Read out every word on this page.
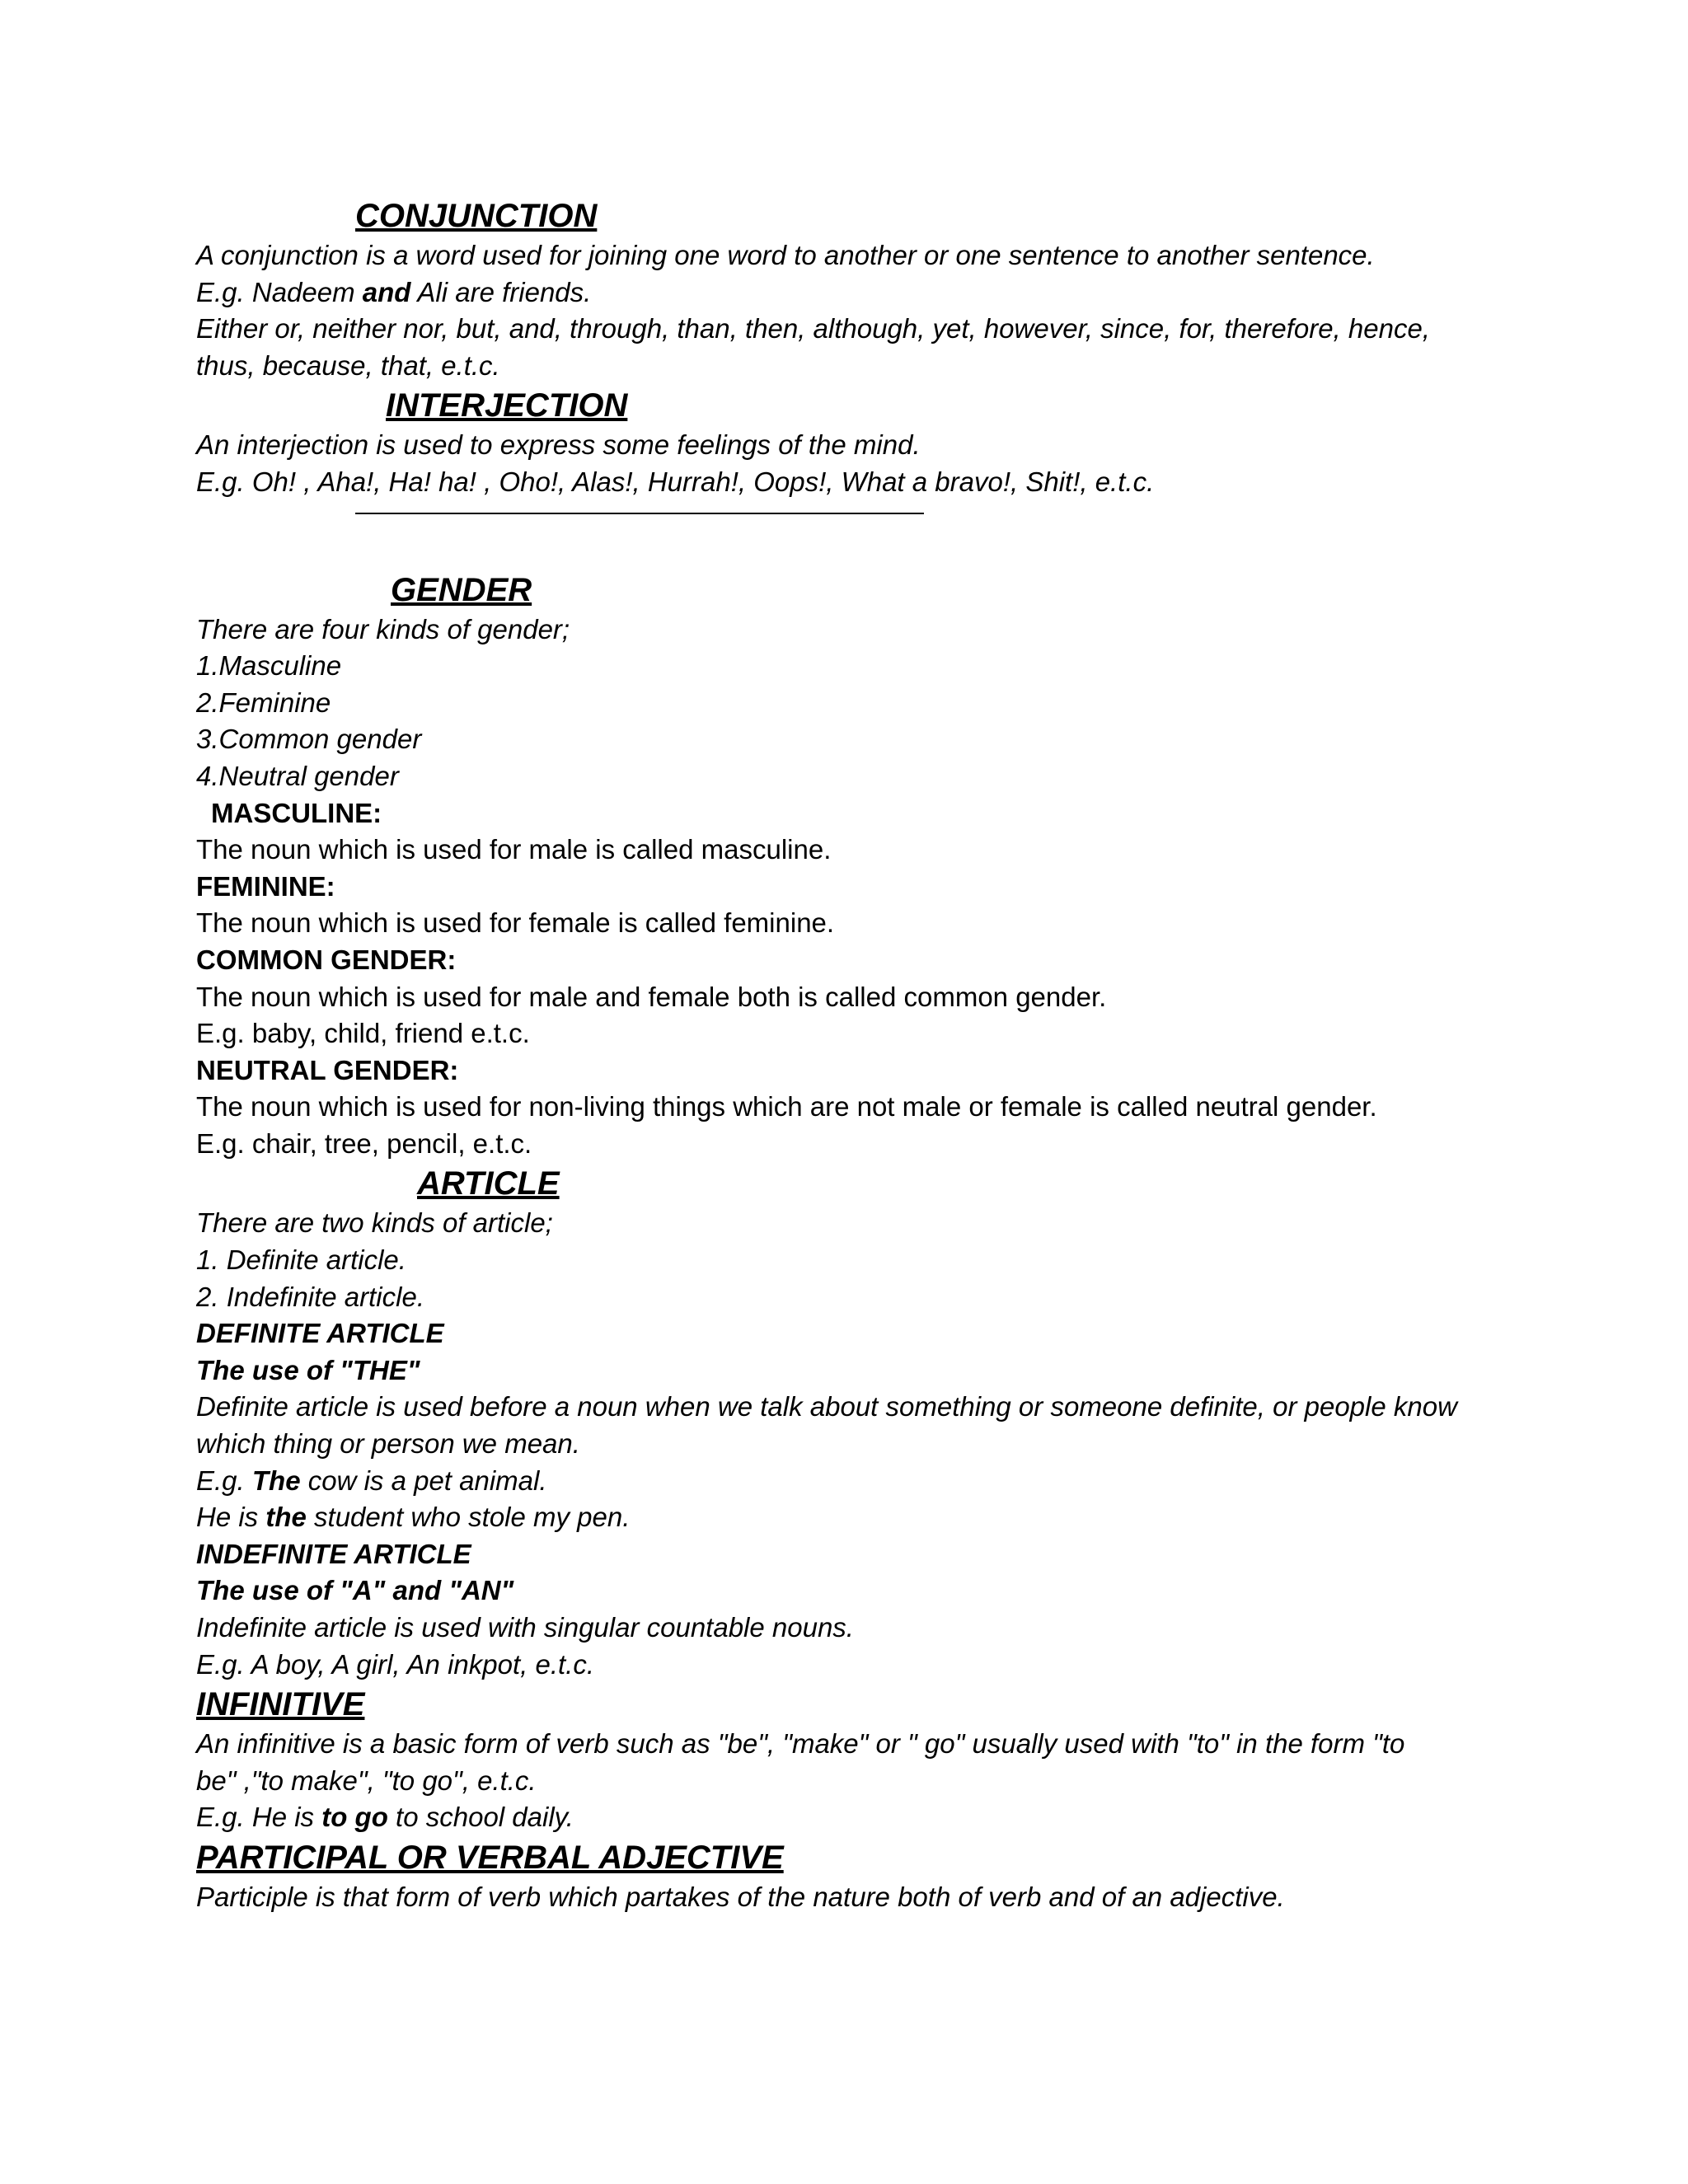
CONJUNCTION
A conjunction is a word used for joining one word to another or one sentence to another sentence.
E.g. Nadeem and Ali are friends.
Either or, neither nor, but, and, through, than, then, although, yet, however, since, for, therefore, hence,
thus, because, that, e.t.c.
INTERJECTION
An interjection is used to express some feelings of the mind.
E.g. Oh! , Aha!, Ha! ha! , Oho!, Alas!, Hurrah!, Oops!, What a bravo!, Shit!, e.t.c.
GENDER
There are four kinds of gender;
1.Masculine
2.Feminine
3.Common gender
4.Neutral gender
MASCULINE:
The noun which is used for male is called masculine.
FEMININE:
The noun which is used for female is called feminine.
COMMON GENDER:
The noun which is used for male and female both is called common gender.
E.g. baby, child, friend e.t.c.
NEUTRAL GENDER:
The noun which is used for non-living things which are not male or female is called neutral gender.
E.g. chair, tree, pencil, e.t.c.
ARTICLE
There are two kinds of article;
1. Definite article.
2. Indefinite article.
DEFINITE ARTICLE
The use of "THE"
Definite article is used before a noun when we talk about something or someone definite, or people know
which thing or person we mean.
E.g. The cow is a pet animal.
He is the student who stole my pen.
INDEFINITE ARTICLE
The use of "A" and "AN"
Indefinite article is used with singular countable nouns.
E.g. A boy, A girl, An inkpot, e.t.c.
INFINITIVE
An infinitive is a basic form of verb such as "be", "make" or " go" usually used with "to" in the form "to
be" ,"to make", "to go", e.t.c.
E.g. He is to go to school daily.
PARTICIPAL OR VERBAL ADJECTIVE
Participle is that form of verb which partakes of the nature both of verb and of an adjective.
